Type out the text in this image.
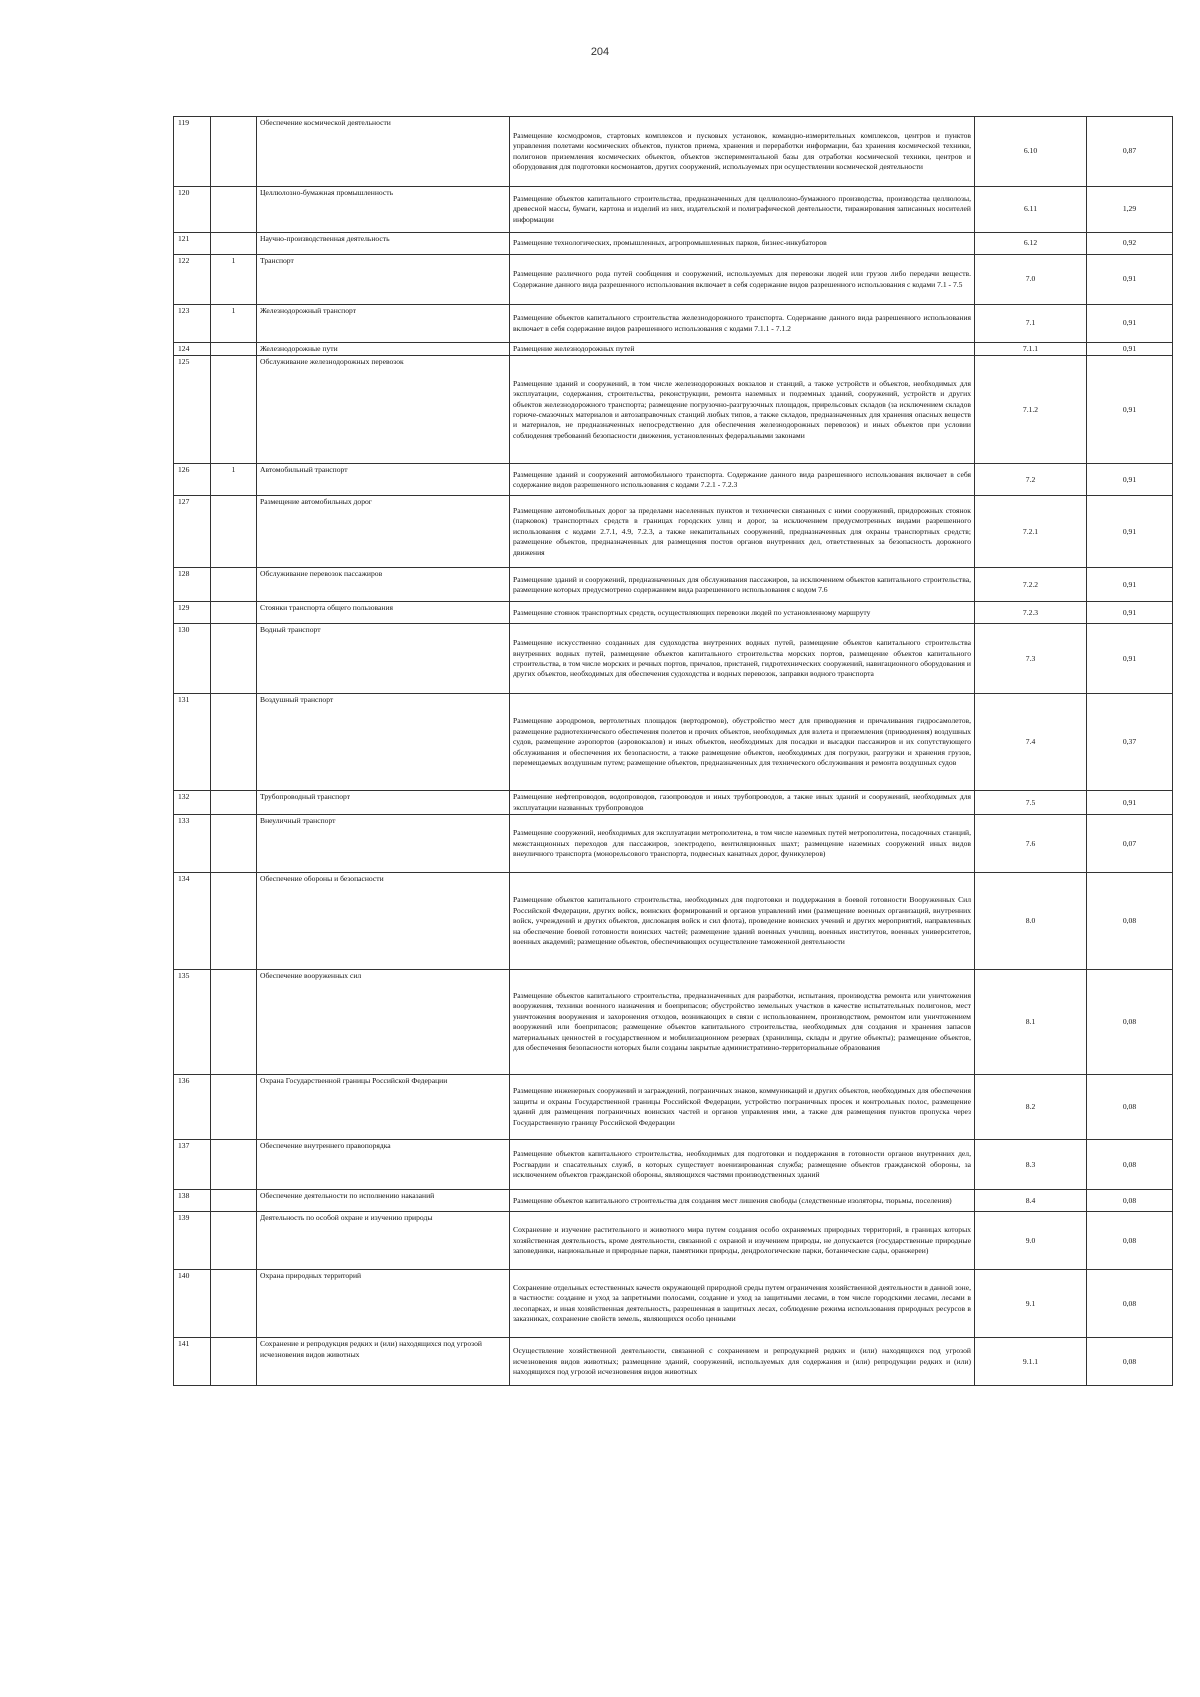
204
119		Обеспечение космической деятельности	Размещение космодромов, стартовых комплексов и пусковых установок, командно-измерительных комплексов, центров и пунктов управления полетами космических объектов, пунктов приема, хранения и переработки информации, баз хранения космической техники, полигонов приземления космических объектов, объектов экспериментальной базы для отработки космической техники, центров и оборудования для подготовки космонавтов, других сооружений, используемых при осуществлении космической деятельности	6.10	0,87
120		Целлюлозно-бумажная промышленность	Размещение объектов капитального строительства, предназначенных для целлюлозно-бумажного производства, производства целлюлозы, древесной массы, бумаги, картона и изделий из них, издательской и полиграфической деятельности, тиражирования записанных носителей информации	6.11	1,29
121		Научно-производственная деятельность	Размещение технологических, промышленных, агропромышленных парков, бизнес-инкубаторов	6.12	0,92
122	1	Транспорт	Размещение различного рода путей сообщения и сооружений, используемых для перевозки людей или грузов либо передачи веществ. Содержание данного вида разрешенного использования включает в себя содержание видов разрешенного использования с кодами 7.1 - 7.5	7.0	0,91
123	1	Железнодорожный транспорт	Размещение объектов капитального строительства железнодорожного транспорта. Содержание данного вида разрешенного использования включает в себя содержание видов разрешенного использования с кодами 7.1.1 - 7.1.2	7.1	0,91
124		Железнодорожные пути	Размещение железнодорожных путей	7.1.1	0,91
125		Обслуживание железнодорожных перевозок	Размещение зданий и сооружений, в том числе железнодорожных вокзалов и станций, а также устройств и объектов, необходимых для эксплуатации, содержания, строительства, реконструкции, ремонта наземных и подземных зданий, сооружений, устройств и других объектов железнодорожного транспорта; размещение погрузочно-разгрузочных площадок, прирельсовых складов (за исключением складов горюче-смазочных материалов и автозаправочных станций любых типов, а также складов, предназначенных для хранения опасных веществ и материалов, не предназначенных непосредственно для обеспечения железнодорожных перевозок) и иных объектов при условии соблюдения требований безопасности движения, установленных федеральными законами	7.1.2	0,91
126	1	Автомобильный транспорт	Размещение зданий и сооружений автомобильного транспорта. Содержание данного вида разрешенного использования включает в себя содержание видов разрешенного использования с кодами 7.2.1 - 7.2.3	7.2	0,91
127		Размещение автомобильных дорог	Размещение автомобильных дорог за пределами населенных пунктов и технически связанных с ними сооружений, придорожных стоянок (парковок) транспортных средств в границах городских улиц и дорог, за исключением предусмотренных видами разрешенного использования с кодами 2.7.1, 4.9, 7.2.3, а также некапитальных сооружений, предназначенных для охраны транспортных средств; размещение объектов, предназначенных для размещения постов органов внутренних дел, ответственных за безопасность дорожного движения	7.2.1	0,91
128		Обслуживание перевозок пассажиров	Размещение зданий и сооружений, предназначенных для обслуживания пассажиров, за исключением объектов капитального строительства, размещение которых предусмотрено содержанием вида разрешенного использования с кодом 7.6	7.2.2	0,91
129		Стоянки транспорта общего пользования	Размещение стоянок транспортных средств, осуществляющих перевозки людей по установленному маршруту	7.2.3	0,91
130		Водный транспорт	Размещение искусственно созданных для судоходства внутренних водных путей, размещение объектов капитального строительства внутренних водных путей, размещение объектов капитального строительства морских портов, размещение объектов капитального строительства, в том числе морских и речных портов, причалов, пристаней, гидротехнических сооружений, навигационного оборудования и других объектов, необходимых для обеспечения судоходства и водных перевозок, заправки водного транспорта	7.3	0,91
131		Воздушный транспорт	Размещение аэродромов, вертолетных площадок (вертодромов), обустройство мест для приводнения и причаливания гидросамолетов, размещение радиотехнического обеспечения полетов и прочих объектов, необходимых для взлета и приземления (приводнения) воздушных судов, размещение аэропортов (аэровокзалов) и иных объектов, необходимых для посадки и высадки пассажиров и их сопутствующего обслуживания и обеспечения их безопасности, а также размещение объектов, необходимых для погрузки, разгрузки и хранения грузов, перемещаемых воздушным путем; размещение объектов, предназначенных для технического обслуживания и ремонта воздушных судов	7.4	0,37
132		Трубопроводный транспорт	Размещение нефтепроводов, водопроводов, газопроводов и иных трубопроводов, а также иных зданий и сооружений, необходимых для эксплуатации названных трубопроводов	7.5	0,91
133		Внеуличный транспорт	Размещение сооружений, необходимых для эксплуатации метрополитена, в том числе наземных путей метрополитена, посадочных станций, межстанционных переходов для пассажиров, электродепо, вентиляционных шахт; размещение наземных сооружений иных видов внеуличного транспорта (монорельсового транспорта, подвесных канатных дорог, фуникулеров)	7.6	0,07
134		Обеспечение обороны и безопасности	Размещение объектов капитального строительства, необходимых для подготовки и поддержания в боевой готовности Вооруженных Сил Российской Федерации, других войск, воинских формирований и органов управлений ими (размещение военных организаций, внутренних войск, учреждений и других объектов, дислокация войск и сил флота), проведение воинских учений и других мероприятий, направленных на обеспечение боевой готовности воинских частей; размещение зданий военных училищ, военных институтов, военных университетов, военных академий; размещение объектов, обеспечивающих осуществление таможенной деятельности	8.0	0,08
135		Обеспечение вооруженных сил	Размещение объектов капитального строительства, предназначенных для разработки, испытания, производства ремонта или уничтожения вооружения, техники военного назначения и боеприпасов; обустройство земельных участков в качестве испытательных полигонов, мест уничтожения вооружения и захоронения отходов, возникающих в связи с использованием, производством, ремонтом или уничтожением вооружений или боеприпасов; размещение объектов капитального строительства, необходимых для создания и хранения запасов материальных ценностей в государственном и мобилизационном резервах (хранилища, склады и другие объекты); размещение объектов, для обеспечения безопасности которых были созданы закрытые административно-территориальные образования	8.1	0,08
136		Охрана Государственной границы Российской Федерации	Размещение инженерных сооружений и заграждений, пограничных знаков, коммуникаций и других объектов, необходимых для обеспечения защиты и охраны Государственной границы Российской Федерации, устройство пограничных просек и контрольных полос, размещение зданий для размещения пограничных воинских частей и органов управления ими, а также для размещения пунктов пропуска через Государственную границу Российской Федерации	8.2	0,08
137		Обеспечение внутреннего правопорядка	Размещение объектов капитального строительства, необходимых для подготовки и поддержания в готовности органов внутренних дел, Росгвардии и спасательных служб, в которых существует военизированная служба; размещение объектов гражданской обороны, за исключением объектов гражданской обороны, являющихся частями производственных зданий	8.3	0,08
138		Обеспечение деятельности по исполнению наказаний	Размещение объектов капитального строительства для создания мест лишения свободы (следственные изоляторы, тюрьмы, поселения)	8.4	0,08
139		Деятельность по особой охране и изучению природы	Сохранение и изучение растительного и животного мира путем создания особо охраняемых природных территорий, в границах которых хозяйственная деятельность, кроме деятельности, связанной с охраной и изучением природы, не допускается (государственные природные заповедники, национальные и природные парки, памятники природы, дендрологические парки, ботанические сады, оранжереи)	9.0	0,08
140		Охрана природных территорий	Сохранение отдельных естественных качеств окружающей природной среды путем ограничения хозяйственной деятельности в данной зоне, в частности: создание и уход за запретными полосами, создание и уход за защитными лесами, в том числе городскими лесами, лесами в лесопарках, и иная хозяйственная деятельность, разрешенная в защитных лесах, соблюдение режима использования природных ресурсов в заказниках, сохранение свойств земель, являющихся особо ценными	9.1	0,08
141		Сохранение и репродукция редких и (или) находящихся под угрозой исчезновения видов животных	Осуществление хозяйственной деятельности, связанной с сохранением и репродукцией редких и (или) находящихся под угрозой исчезновения видов животных; размещение зданий, сооружений, используемых для содержания и (или) репродукции редких и (или) находящихся под угрозой исчезновения видов животных	9.1.1	0,08
